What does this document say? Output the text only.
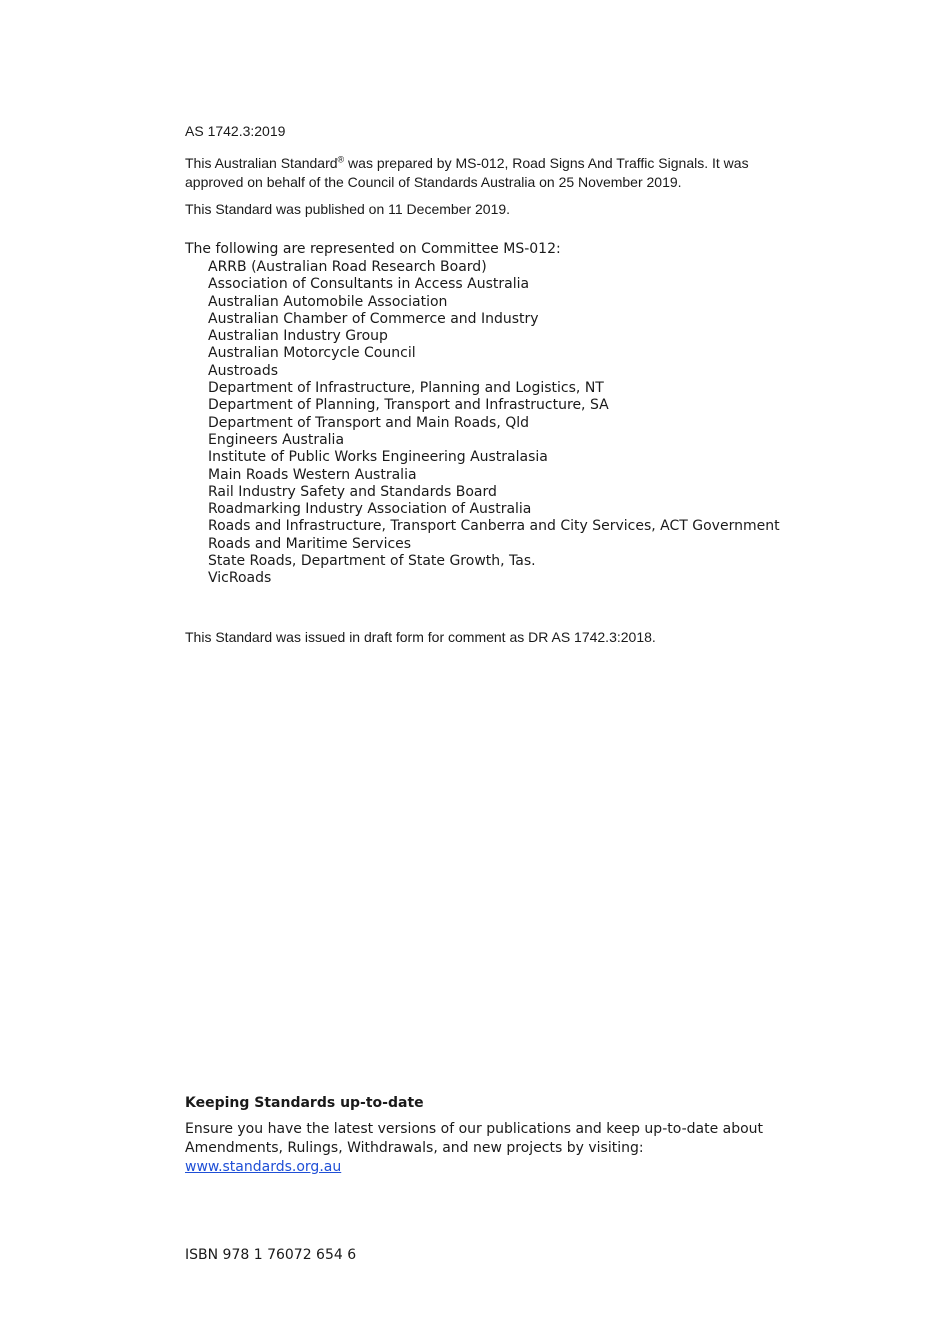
AS 1742.3:2019
This Australian Standard® was prepared by MS-012, Road Signs And Traffic Signals. It was approved on behalf of the Council of Standards Australia on 25 November 2019.
This Standard was published on 11 December 2019.
The following are represented on Committee MS-012:
ARRB (Australian Road Research Board)
Association of Consultants in Access Australia
Australian Automobile Association
Australian Chamber of Commerce and Industry
Australian Industry Group
Australian Motorcycle Council
Austroads
Department of Infrastructure, Planning and Logistics, NT
Department of Planning, Transport and Infrastructure, SA
Department of Transport and Main Roads, Qld
Engineers Australia
Institute of Public Works Engineering Australasia
Main Roads Western Australia
Rail Industry Safety and Standards Board
Roadmarking Industry Association of Australia
Roads and Infrastructure, Transport Canberra and City Services, ACT Government
Roads and Maritime Services
State Roads, Department of State Growth, Tas.
VicRoads
This Standard was issued in draft form for comment as DR AS 1742.3:2018.
Keeping Standards up-to-date
Ensure you have the latest versions of our publications and keep up-to-date about Amendments, Rulings, Withdrawals, and new projects by visiting:
www.standards.org.au
ISBN 978 1 76072 654 6
